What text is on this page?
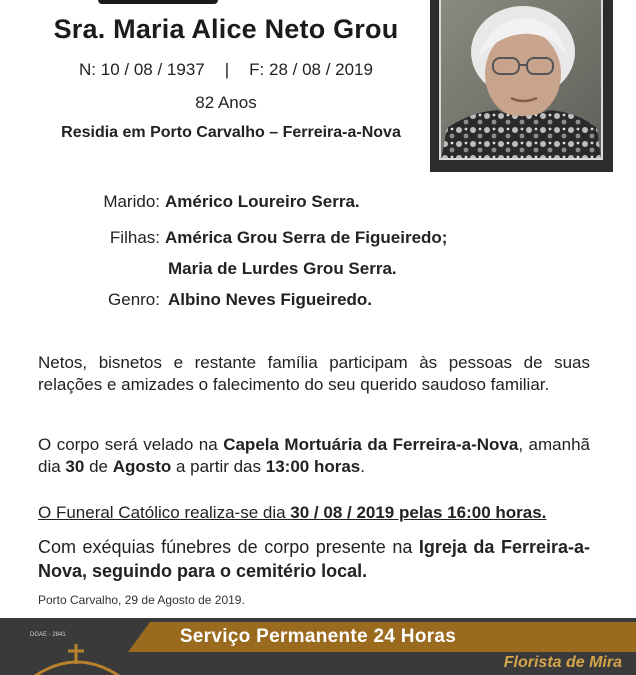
Sra. Maria Alice Neto Grou
N: 10 / 08 / 1937 | F: 28 / 08 / 2019
82 Anos
Residia em Porto Carvalho – Ferreira-a-Nova
Marido: Américo Loureiro Serra.
Filhas: América Grou Serra de Figueiredo;
Maria de Lurdes Grou Serra.
Genro: Albino Neves Figueiredo.
Netos, bisnetos e restante família participam às pessoas de suas relações e amizades o falecimento do seu querido saudoso familiar.
O corpo será velado na Capela Mortuária da Ferreira-a-Nova, amanhã dia 30 de Agosto a partir das 13:00 horas.
O Funeral Católico realiza-se dia 30 / 08 / 2019 pelas 16:00 horas.
Com exéquias fúnebres de corpo presente na Igreja da Ferreira-a-Nova, seguindo para o cemitério local.
Porto Carvalho, 29 de Agosto de 2019.
Serviço Permanente 24 Horas
Florista de Mira
DGAE - 2841
